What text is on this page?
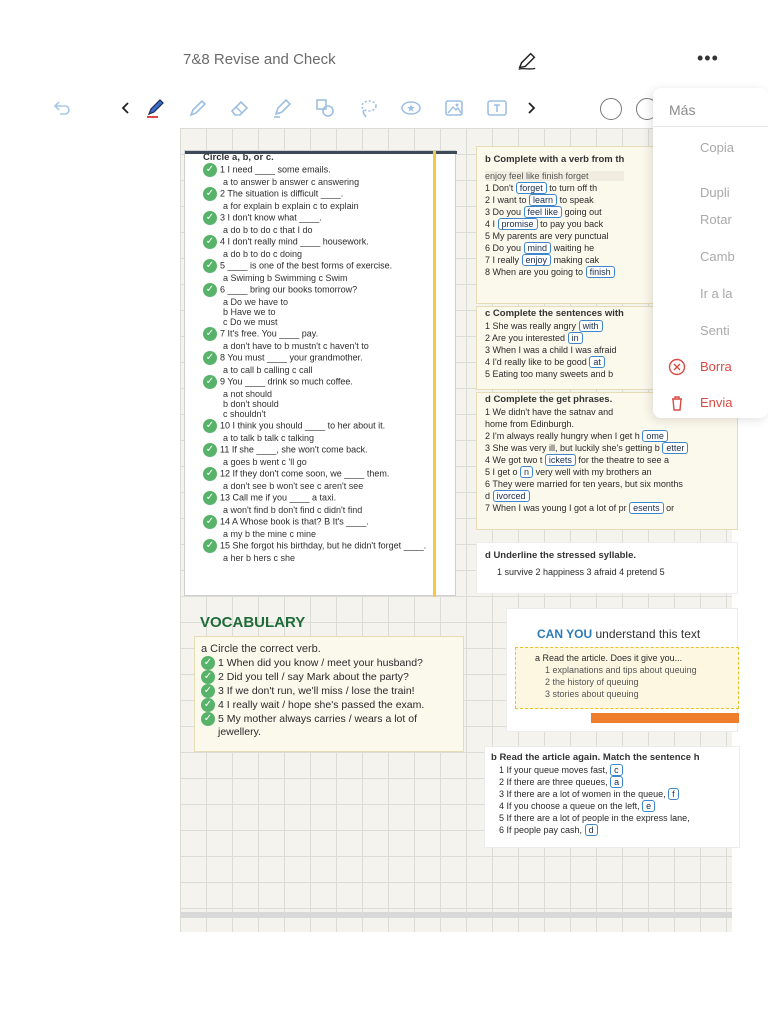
7&8 Revise and Check	•••
Circle a, b, or c.
✓ 1 I need ____ some emails.
a to answer b answer c answering
✓ 2 The situation is difficult ____.
a for explain b explain c to explain
✓ 3 I don't know what ____.
a do b to do c that I do
✓ 4 I don't really mind ____ housework.
a do b to do c doing
✓ 5 ____ is one of the best forms of exercise.
a Swiming b Swimming c Swim
✓ 6 ____ bring our books tomorrow?
a Do we have to
b Have we to
c Do we must
✓ 7 It's free. You ____ pay.
a don't have to b mustn't c haven't to
✓ 8 You must ____ your grandmother.
a to call b calling c call
✓ 9 You ____ drink so much coffee.
a not should
b don't should
c shouldn't
✓ 10 I think you should ____ to her about it.
a to talk b talk c talking
✓ 11 If she ____, she won't come back.
a goes b went c 'll go
✓ 12 If they don't come soon, we ____ them.
a don't see b won't see c aren't see
✓ 13 Call me if you ____ a taxi.
a won't find b don't find c didn't find
✓ 14 A Whose book is that? B It's ____.
a my b the mine c mine
✓ 15 She forgot his birthday, but he didn't forget ____.
a her b hers c she
b Complete with a verb from th
enjoy feel like finish forget
1 Don't forget to turn off th
2 I want to learn to speak
3 Do you feel like going out
4 I promise to pay you back
5 My parents are very punctual
6 Do you mind waiting he
7 I really enjoy making cak
8 When are you going to finish
c Complete the sentences with
1 She was really angry with
2 Are you interested in
3 When I was a child I was afraid
4 I'd really like to be good at
5 Eating too many sweets and b
d Complete the get phrases.
1 We didn't have the satnav and
home from Edinburgh.
2 I'm always really hungry when I get h ome
3 She was very ill, but luckily she's getting b etter
4 We got two t ickets for the theatre to see a
5 I get o n very well with my brothers an
6 They were married for ten years, but six months
d ivorced
7 When I was young I got a lot of pr esents or
d Underline the stressed syllable.
1 survive 2 happiness 3 afraid 4 pretend 5
VOCABULARY
a Circle the correct verb.
✓ 1 When did you know / meet your husband?
✓ 2 Did you tell / say Mark about the party?
✓ 3 If we don't run, we'll miss / lose the train!
✓ 4 I really wait / hope she's passed the exam.
✓ 5 My mother always carries / wears a lot of
jewellery.
CAN YOU understand this text
a Read the article. Does it give you...
1 explanations and tips about queuing
2 the history of queuing
3 stories about queuing
b Read the article again. Match the sentence h
1 If your queue moves fast, c
2 If there are three queues, a
3 If there are a lot of women in the queue, f
4 If you choose a queue on the left, e
5 If there are a lot of people in the express lane,
6 If people pay cash, d
Más
Copia
Dupli
Rotar
Camb
Ir a la
Senti
Borra
Envia
